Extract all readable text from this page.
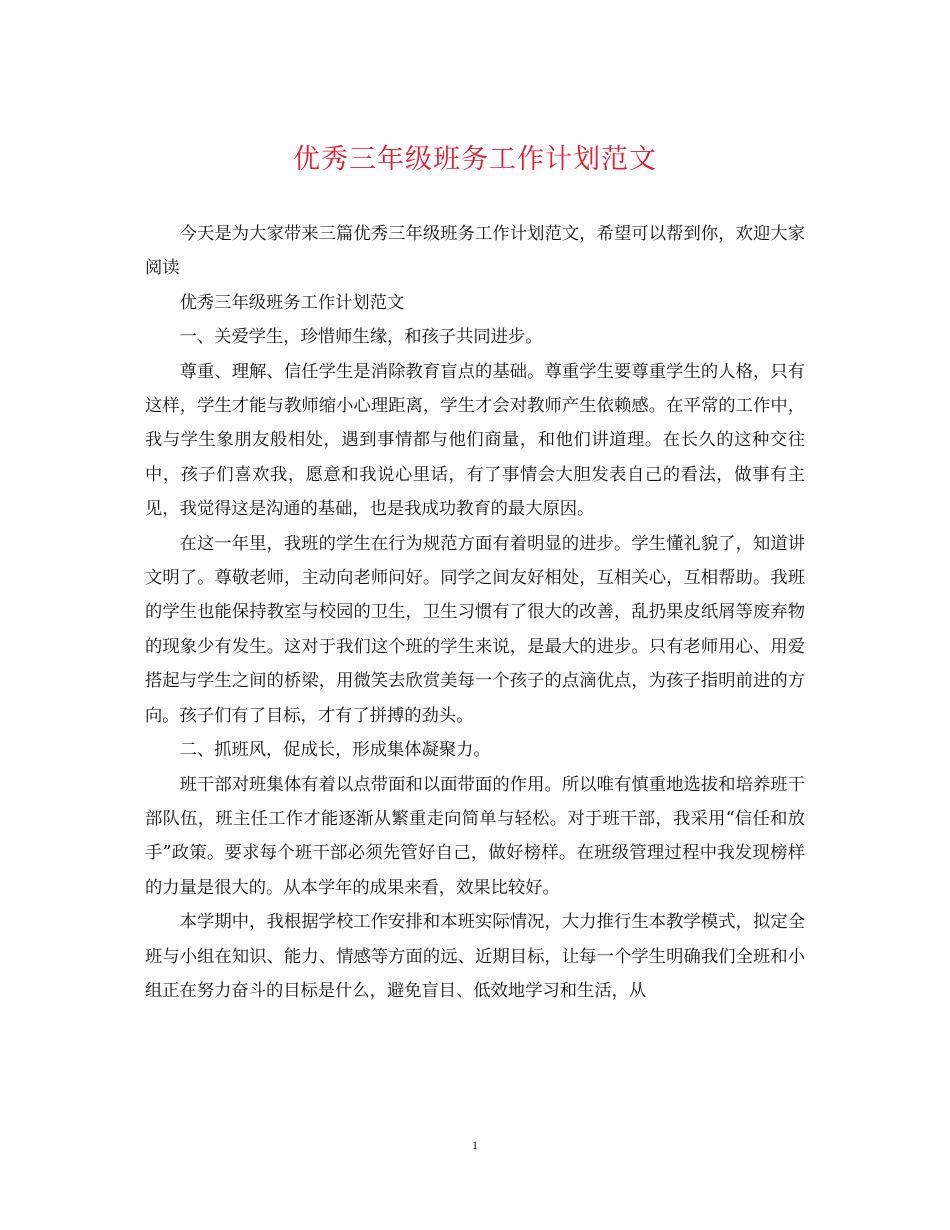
优秀三年级班务工作计划范文

今天是为大家带来三篇优秀三年级班务工作计划范文，希望可以帮到你，欢迎大家阅读

优秀三年级班务工作计划范文

一、关爱学生，珍惜师生缘，和孩子共同进步。

尊重、理解、信任学生是消除教育盲点的基础。尊重学生要尊重学生的人格，只有这样，学生才能与教师缩小心理距离，学生才会对教师产生依赖感。在平常的工作中，我与学生象朋友般相处，遇到事情都与他们商量，和他们讲道理。在长久的这种交往中，孩子们喜欢我，愿意和我说心里话，有了事情会大胆发表自己的看法，做事有主见，我觉得这是沟通的基础，也是我成功教育的最大原因。

在这一年里，我班的学生在行为规范方面有着明显的进步。学生懂礼貌了，知道讲文明了。尊敬老师，主动向老师问好。同学之间友好相处，互相关心，互相帮助。我班的学生也能保持教室与校园的卫生，卫生习惯有了很大的改善，乱扔果皮纸屑等废弃物的现象少有发生。这对于我们这个班的学生来说，是最大的进步。只有老师用心、用爱搭起与学生之间的桥梁，用微笑去欣赏美每一个孩子的点滴优点，为孩子指明前进的方向。孩子们有了目标，才有了拼搏的劲头。

二、抓班风，促成长，形成集体凝聚力。

班干部对班集体有着以点带面和以面带面的作用。所以唯有慎重地选拔和培养班干部队伍，班主任工作才能逐渐从繁重走向简单与轻松。对于班干部，我采用“信任和放手”政策。要求每个班干部必须先管好自己，做好榜样。在班级管理过程中我发现榜样的力量是很大的。从本学年的成果来看，效果比较好。

本学期中，我根据学校工作安排和本班实际情况，大力推行生本教学模式，拟定全班与小组在知识、能力、情感等方面的远、近期目标，让每一个学生明确我们全班和小组正在努力奋斗的目标是什么，避免盲目、低效地学习和生活，从

1
